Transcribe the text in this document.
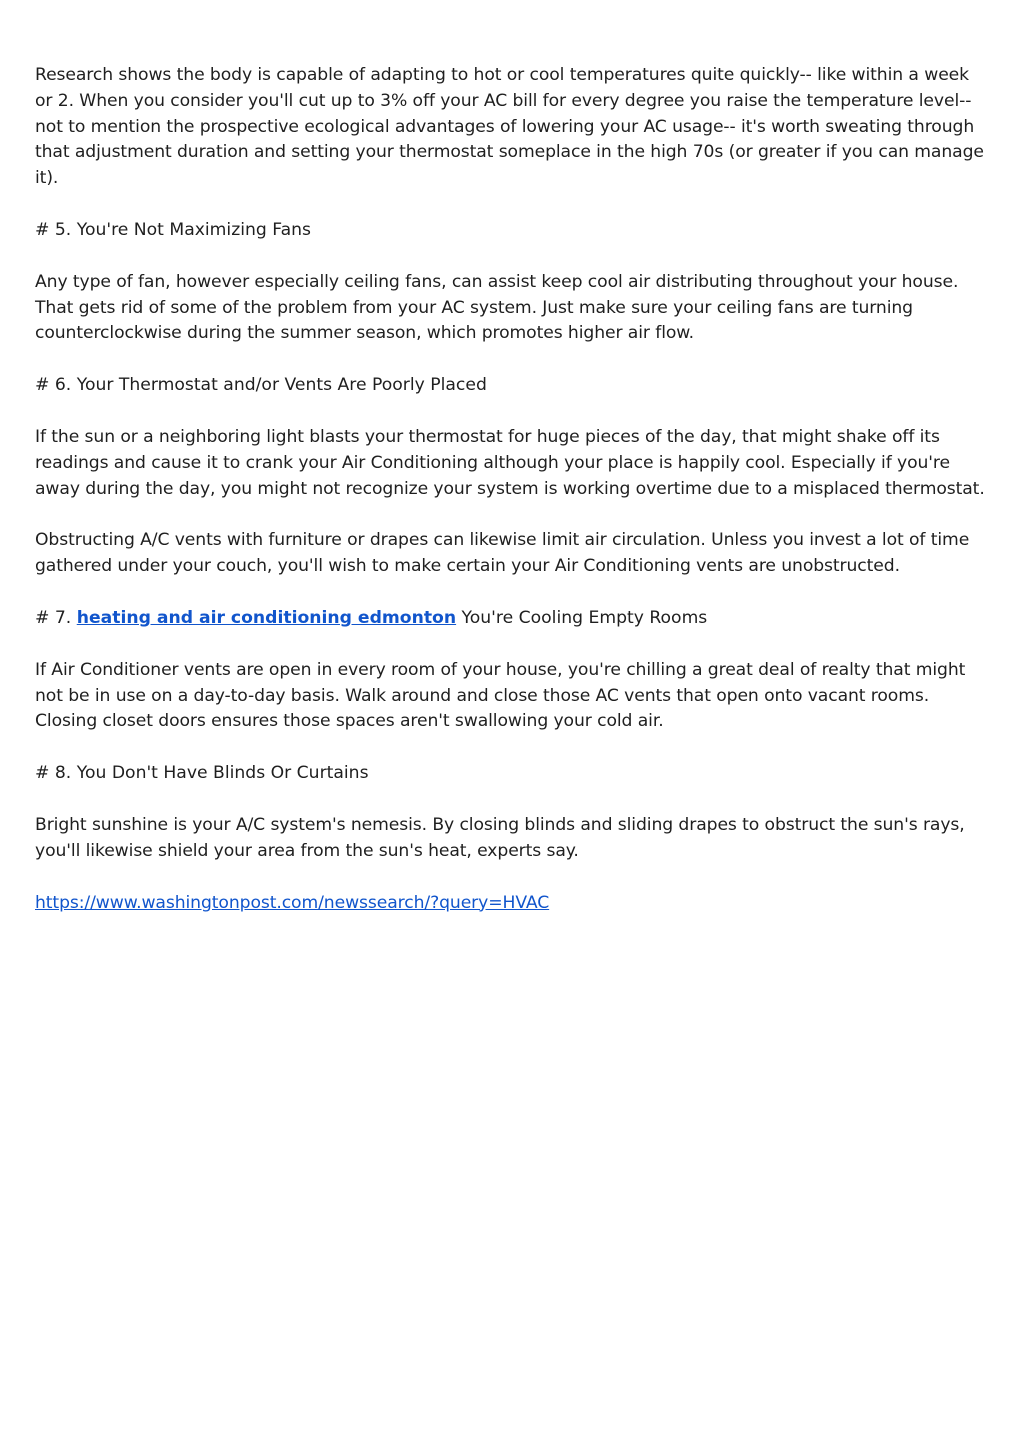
Research shows the body is capable of adapting to hot or cool temperatures quite quickly-- like within a week or 2. When you consider you'll cut up to 3% off your AC bill for every degree you raise the temperature level-- not to mention the prospective ecological advantages of lowering your AC usage-- it's worth sweating through that adjustment duration and setting your thermostat someplace in the high 70s (or greater if you can manage it).

# 5. You're Not Maximizing Fans

Any type of fan, however especially ceiling fans, can assist keep cool air distributing throughout your house. That gets rid of some of the problem from your AC system. Just make sure your ceiling fans are turning counterclockwise during the summer season, which promotes higher air flow.

# 6. Your Thermostat and/or Vents Are Poorly Placed

If the sun or a neighboring light blasts your thermostat for huge pieces of the day, that might shake off its readings and cause it to crank your Air Conditioning although your place is happily cool. Especially if you're away during the day, you might not recognize your system is working overtime due to a misplaced thermostat.

Obstructing A/C vents with furniture or drapes can likewise limit air circulation. Unless you invest a lot of time gathered under your couch, you'll wish to make certain your Air Conditioning vents are unobstructed.

# 7. heating and air conditioning edmonton You're Cooling Empty Rooms

If Air Conditioner vents are open in every room of your house, you're chilling a great deal of realty that might not be in use on a day-to-day basis. Walk around and close those AC vents that open onto vacant rooms. Closing closet doors ensures those spaces aren't swallowing your cold air.

# 8. You Don't Have Blinds Or Curtains

Bright sunshine is your A/C system's nemesis. By closing blinds and sliding drapes to obstruct the sun's rays, you'll likewise shield your area from the sun's heat, experts say.

https://www.washingtonpost.com/newssearch/?query=HVAC
